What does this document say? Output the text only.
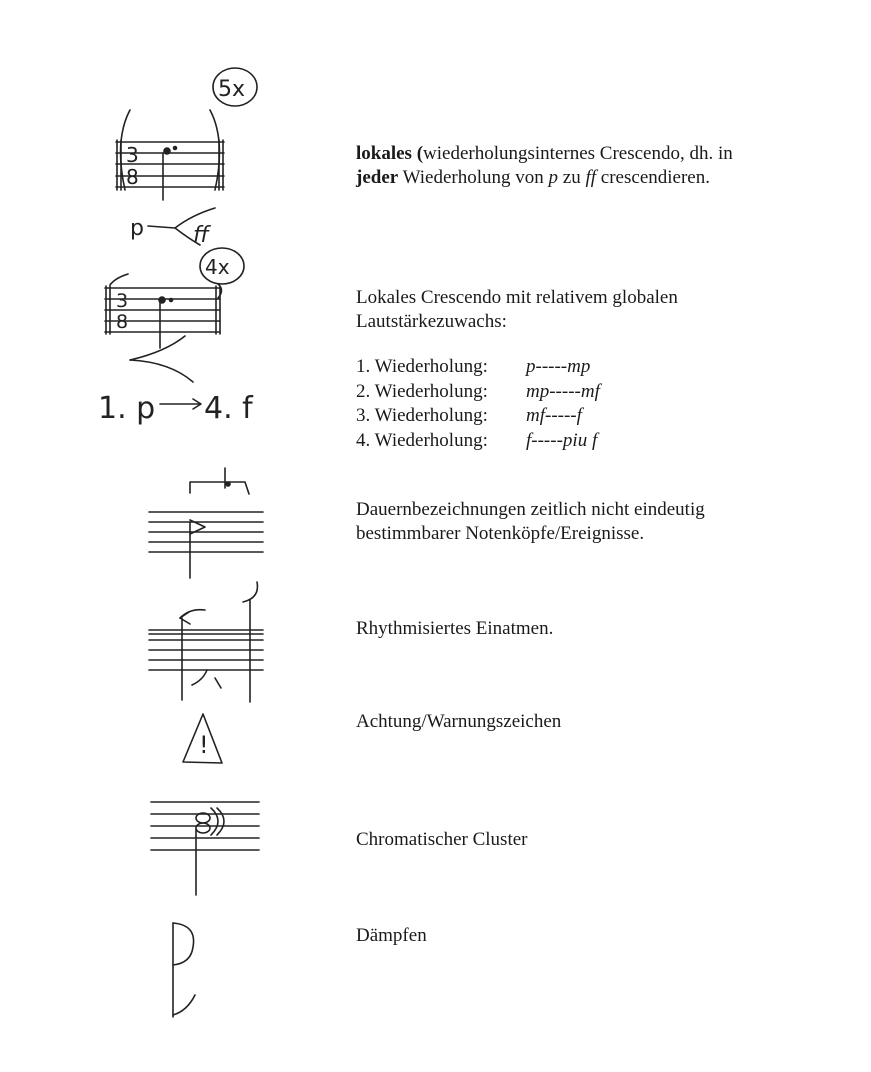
5x
3
8
p ff
lokales (wiederholungsinternes Crescendo, dh. in
jeder Wiederholung von p zu ff crescendieren.
4x
3
8
1. p 4. f
Lokales Crescendo mit relativem globalen
Lautstärkezuwachs:
1. Wiederholung:	p-----mp
2. Wiederholung:	mp-----mf
3. Wiederholung:	mf-----f
4. Wiederholung:	f-----piu f
Dauernbezeichnungen zeitlich nicht eindeutig
bestimmbarer Notenköpfe/Ereignisse.
Rhythmisiertes Einatmen.
!
Achtung/Warnungszeichen
Chromatischer Cluster
Dämpfen
